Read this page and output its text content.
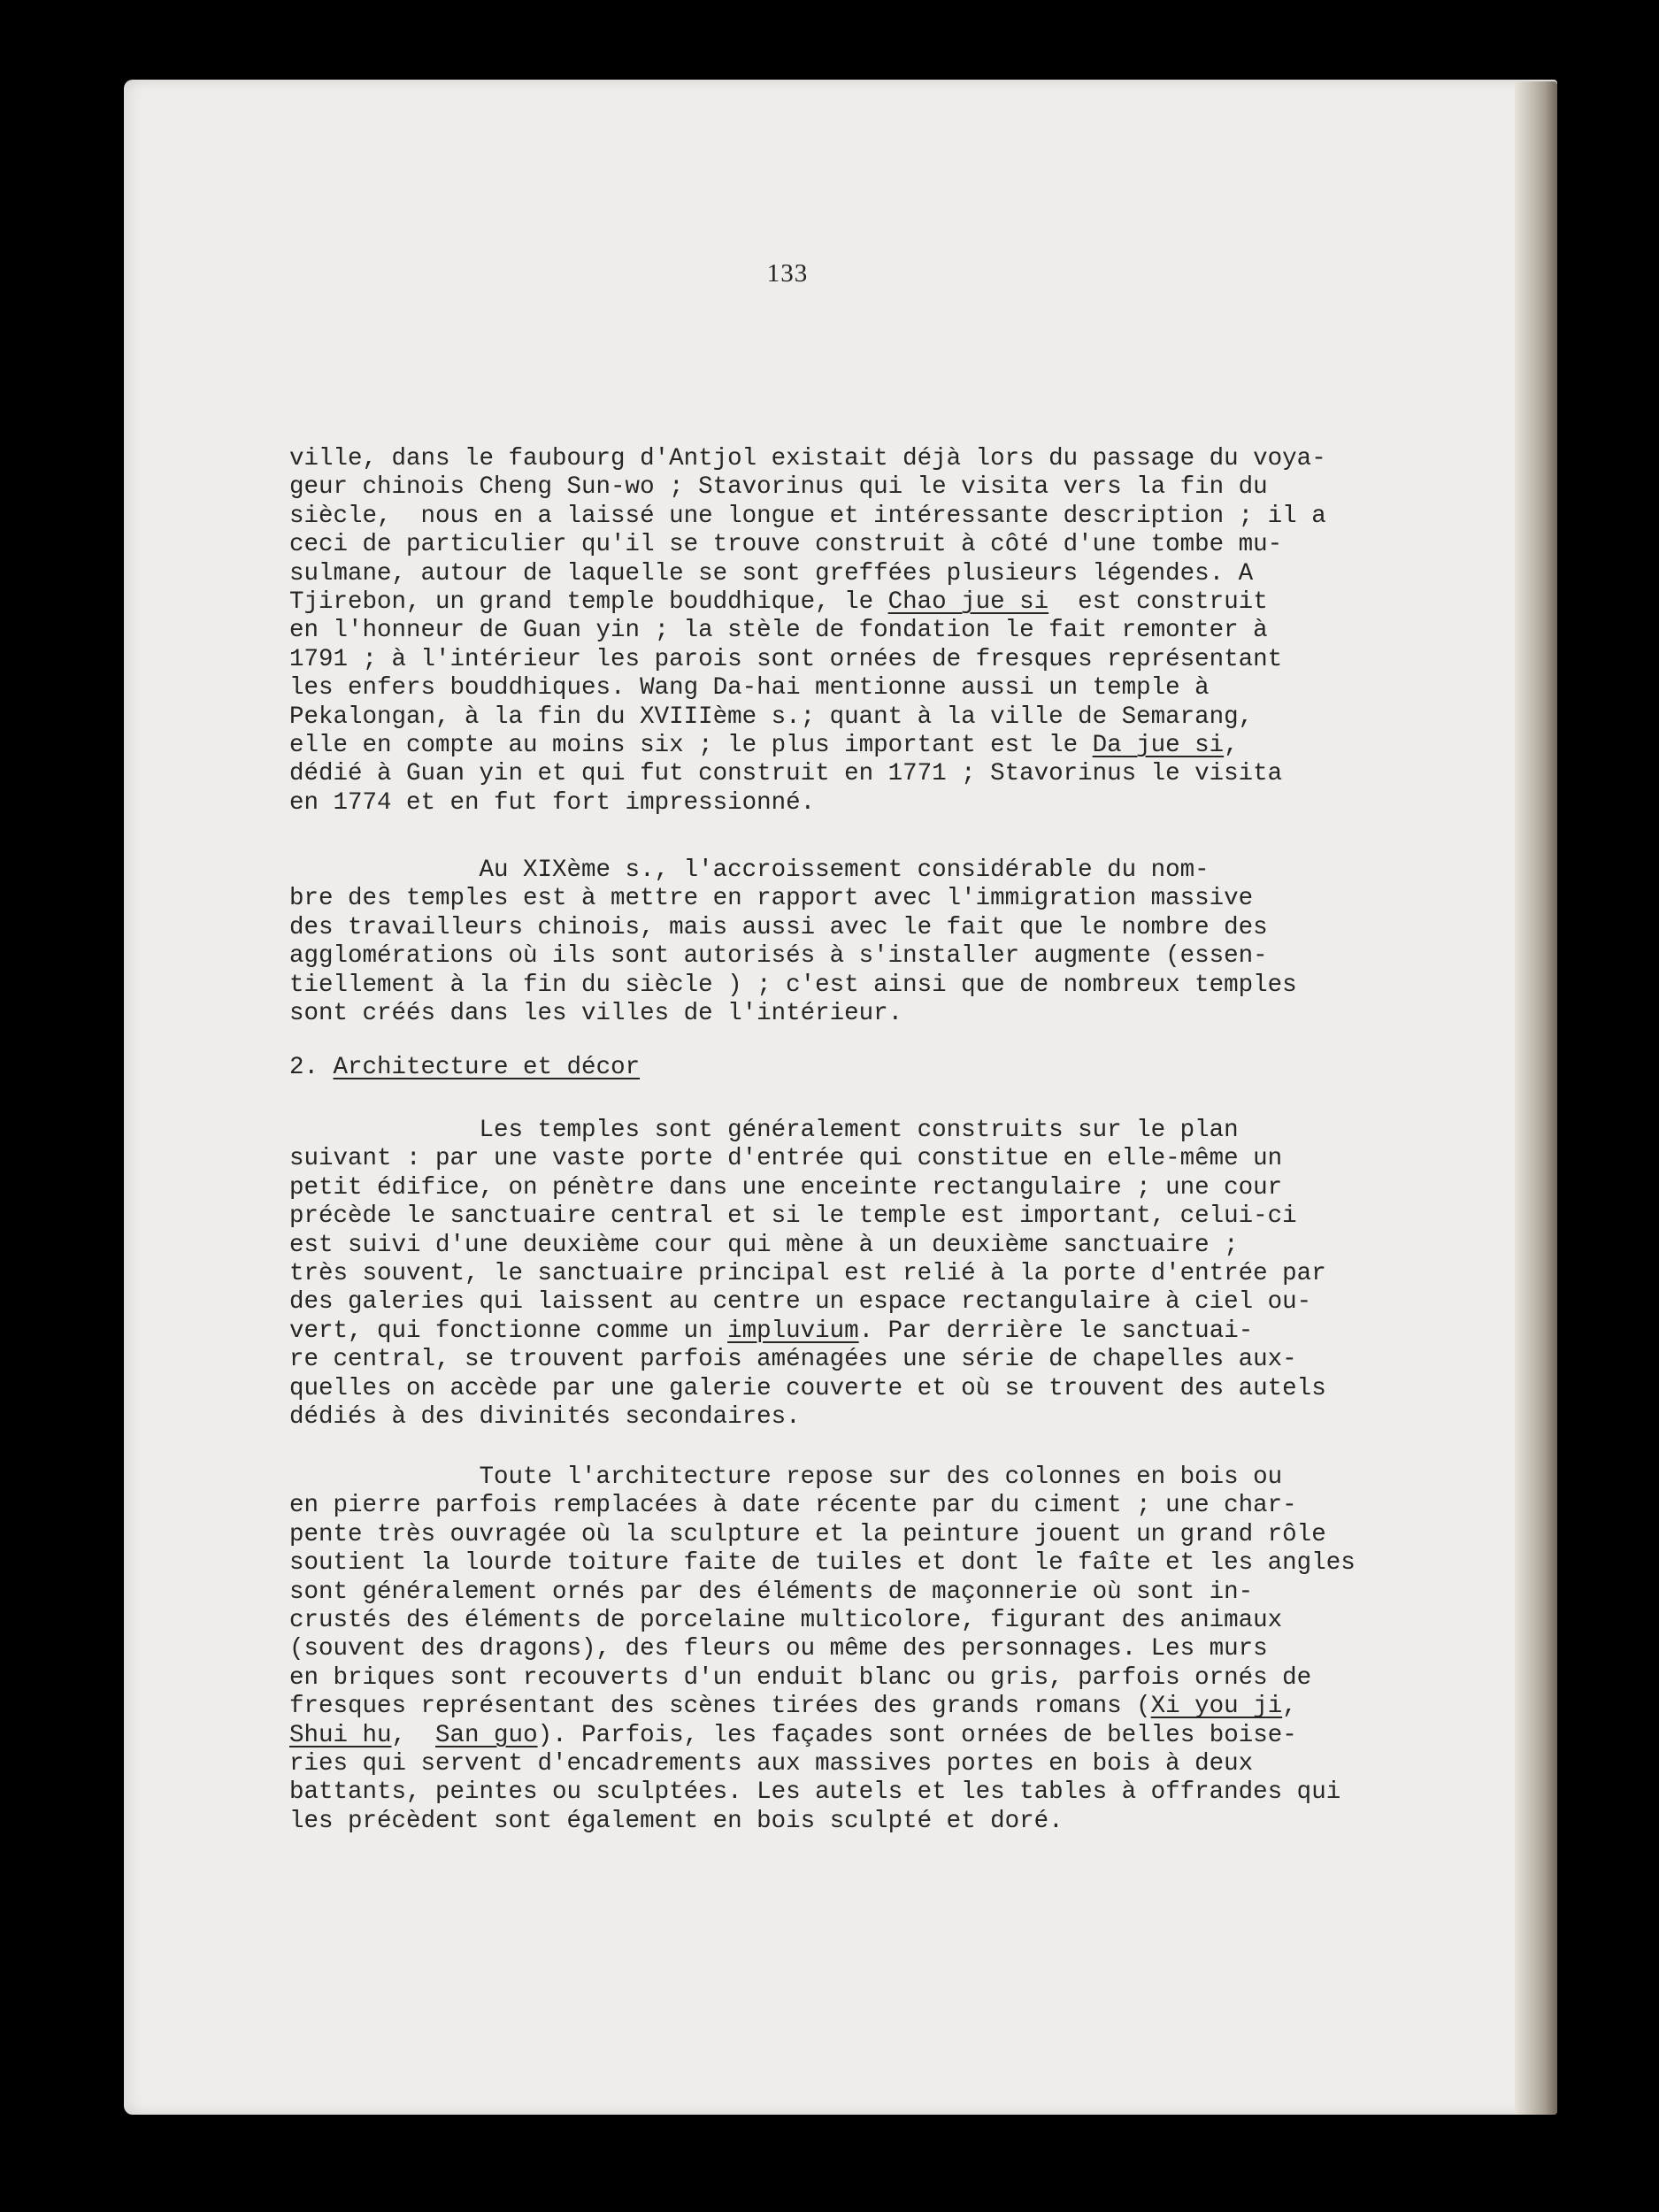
133
ville, dans le faubourg d'Antjol existait déjà lors du passage du voya-
geur chinois Cheng Sun-wo ; Stavorinus qui le visita vers la fin du
siècle,  nous en a laissé une longue et intéressante description ; il a
ceci de particulier qu'il se trouve construit à côté d'une tombe mu-
sulmane, autour de laquelle se sont greffées plusieurs légendes. A
Tjirebon, un grand temple bouddhique, le Chao jue si  est construit
en l'honneur de Guan yin ; la stèle de fondation le fait remonter à
1791 ; à l'intérieur les parois sont ornées de fresques représentant
les enfers bouddhiques. Wang Da-hai mentionne aussi un temple à
Pekalongan, à la fin du XVIIIème s.; quant à la ville de Semarang,
elle en compte au moins six ; le plus important est le Da jue si,
dédié à Guan yin et qui fut construit en 1771 ; Stavorinus le visita
en 1774 et en fut fort impressionné.
Au XIXème s., l'accroissement considérable du nom-
bre des temples est à mettre en rapport avec l'immigration massive
des travailleurs chinois, mais aussi avec le fait que le nombre des
agglomérations où ils sont autorisés à s'installer augmente (essen-
tiellement à la fin du siècle ) ; c'est ainsi que de nombreux temples
sont créés dans les villes de l'intérieur.
2. Architecture et décor
Les temples sont généralement construits sur le plan
suivant : par une vaste porte d'entrée qui constitue en elle-même un
petit édifice, on pénètre dans une enceinte rectangulaire ; une cour
précède le sanctuaire central et si le temple est important, celui-ci
est suivi d'une deuxième cour qui mène à un deuxième sanctuaire ;
très souvent, le sanctuaire principal est relié à la porte d'entrée par
des galeries qui laissent au centre un espace rectangulaire à ciel ou-
vert, qui fonctionne comme un impluvium. Par derrière le sanctuai-
re central, se trouvent parfois aménagées une série de chapelles aux-
quelles on accède par une galerie couverte et où se trouvent des autels
dédiés à des divinités secondaires.
Toute l'architecture repose sur des colonnes en bois ou
en pierre parfois remplacées à date récente par du ciment ; une char-
pente très ouvragée où la sculpture et la peinture jouent un grand rôle
soutient la lourde toiture faite de tuiles et dont le faîte et les angles
sont généralement ornés par des éléments de maçonnerie où sont in-
crustés des éléments de porcelaine multicolore, figurant des animaux
(souvent des dragons), des fleurs ou même des personnages. Les murs
en briques sont recouverts d'un enduit blanc ou gris, parfois ornés de
fresques représentant des scènes tirées des grands romans (Xi you ji,
Shui hu,  San guo). Parfois, les façades sont ornées de belles boise-
ries qui servent d'encadrements aux massives portes en bois à deux
battants, peintes ou sculptées. Les autels et les tables à offrandes qui
les précèdent sont également en bois sculpté et doré.
